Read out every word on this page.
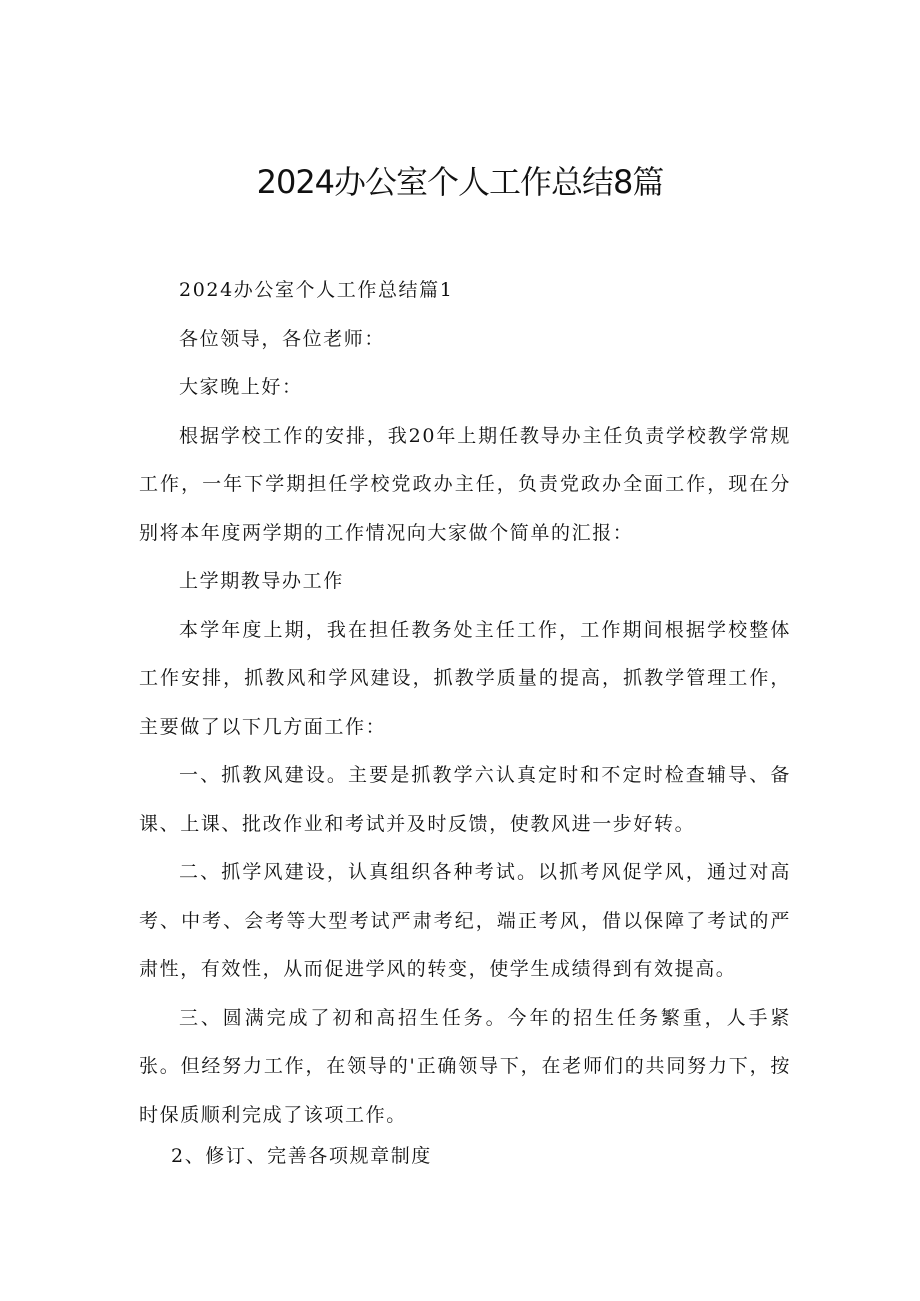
2024办公室个人工作总结8篇

2024办公室个人工作总结篇1

各位领导，各位老师：

大家晚上好：

根据学校工作的安排，我20年上期任教导办主任负责学校教学常规工作，一年下学期担任学校党政办主任，负责党政办全面工作，现在分别将本年度两学期的工作情况向大家做个简单的汇报：

上学期教导办工作

本学年度上期，我在担任教务处主任工作，工作期间根据学校整体工作安排，抓教风和学风建设，抓教学质量的提高，抓教学管理工作，主要做了以下几方面工作：

一、抓教风建设。主要是抓教学六认真定时和不定时检查辅导、备课、上课、批改作业和考试并及时反馈，使教风进一步好转。

二、抓学风建设，认真组织各种考试。以抓考风促学风，通过对高考、中考、会考等大型考试严肃考纪，端正考风，借以保障了考试的严肃性，有效性，从而促进学风的转变，使学生成绩得到有效提高。

三、圆满完成了初和高招生任务。今年的招生任务繁重，人手紧张。但经努力工作，在领导的'正确领导下，在老师们的共同努力下，按时保质顺利完成了该项工作。

2、修订、完善各项规章制度
